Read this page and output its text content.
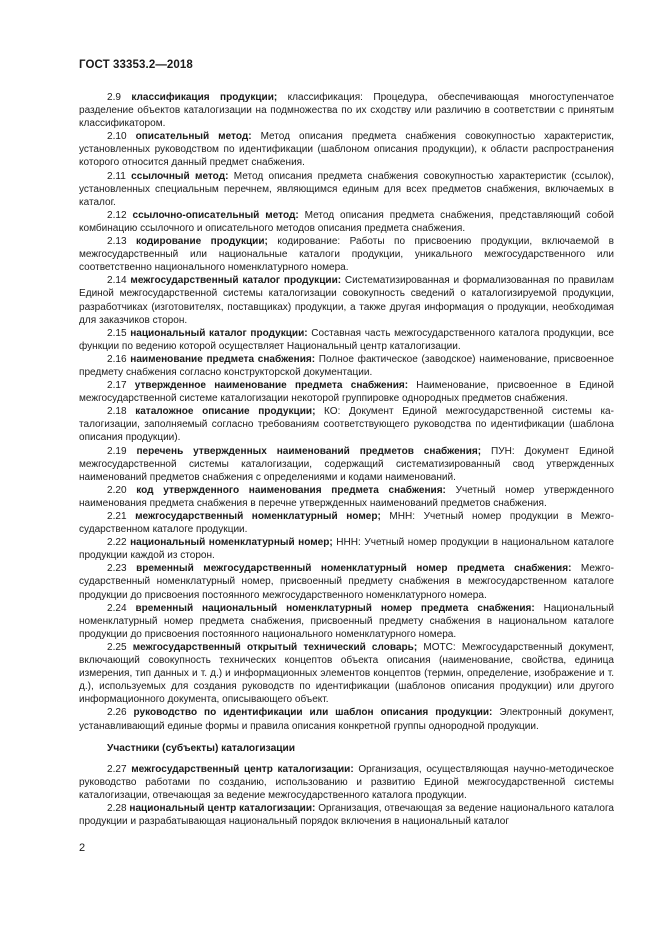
ГОСТ 33353.2—2018

2.9 классификация продукции; классификация: Процедура, обеспечивающая многоступенчатое разделение объектов каталогизации на подмножества по их сходству или различию в соответствии с принятым классификатором.

2.10 описательный метод: Метод описания предмета снабжения совокупностью характеристик, установленных руководством по идентификации (шаблоном описания продукции), к области распространения которого относится данный предмет снабжения.

2.11 ссылочный метод: Метод описания предмета снабжения совокупностью характеристик (ссылок), установленных специальным перечнем, являющимся единым для всех предметов снабжения, включаемых в каталог.

2.12 ссылочно-описательный метод: Метод описания предмета снабжения, представляющий собой комбинацию ссылочного и описательного методов описания предмета снабжения.

2.13 кодирование продукции; кодирование: Работы по присвоению продукции, включаемой в межгосударственный или национальные каталоги продукции, уникального межгосударственного или соответственно национального номенклатурного номера.

2.14 межгосударственный каталог продукции: Систематизированная и формализованная по правилам Единой межгосударственной системы каталогизации совокупность сведений о каталогизируемой продукции, разработчиках (изготовителях, поставщиках) продукции, а также другая информация о продукции, необходимая для заказчиков сторон.

2.15 национальный каталог продукции: Составная часть межгосударственного каталога продукции, все функции по ведению которой осуществляет Национальный центр каталогизации.

2.16 наименование предмета снабжения: Полное фактическое (заводское) наименование, присвоенное предмету снабжения согласно конструкторской документации.

2.17 утвержденное наименование предмета снабжения: Наименование, присвоенное в Единой межгосударственной системе каталогизации некоторой группировке однородных предметов снабжения.

2.18 каталожное описание продукции; КО: Документ Единой межгосударственной системы каталогизации, заполняемый согласно требованиям соответствующего руководства по идентификации (шаблона описания продукции).

2.19 перечень утвержденных наименований предметов снабжения; ПУН: Документ Единой межгосударственной системы каталогизации, содержащий систематизированный свод утвержденных наименований предметов снабжения с определениями и кодами наименований.

2.20 код утвержденного наименования предмета снабжения: Учетный номер утвержденного наименования предмета снабжения в перечне утвержденных наименований предметов снабжения.

2.21 межгосударственный номенклатурный номер; МНН: Учетный номер продукции в Межгосударственном каталоге продукции.

2.22 национальный номенклатурный номер; ННН: Учетный номер продукции в национальном каталоге продукции каждой из сторон.

2.23 временный межгосударственный номенклатурный номер предмета снабжения: Межгосударственный номенклатурный номер, присвоенный предмету снабжения в межгосударственном каталоге продукции до присвоения постоянного межгосударственного номенклатурного номера.

2.24 временный национальный номенклатурный номер предмета снабжения: Национальный номенклатурный номер предмета снабжения, присвоенный предмету снабжения в национальном каталоге продукции до присвоения постоянного национального номенклатурного номера.

2.25 межгосударственный открытый технический словарь; МОТС: Межгосударственный документ, включающий совокупность технических концептов объекта описания (наименование, свойства, единица измерения, тип данных и т. д.) и информационных элементов концептов (термин, определение, изображение и т. д.), используемых для создания руководств по идентификации (шаблонов описания продукции) или другого информационного документа, описывающего объект.

2.26 руководство по идентификации или шаблон описания продукции: Электронный документ, устанавливающий единые формы и правила описания конкретной группы однородной продукции.

Участники (субъекты) каталогизации

2.27 межгосударственный центр каталогизации: Организация, осуществляющая научно-методическое руководство работами по созданию, использованию и развитию Единой межгосударственной системы каталогизации, отвечающая за ведение межгосударственного каталога продукции.

2.28 национальный центр каталогизации: Организация, отвечающая за ведение национального каталога продукции и разрабатывающая национальный порядок включения в национальный каталог

2
